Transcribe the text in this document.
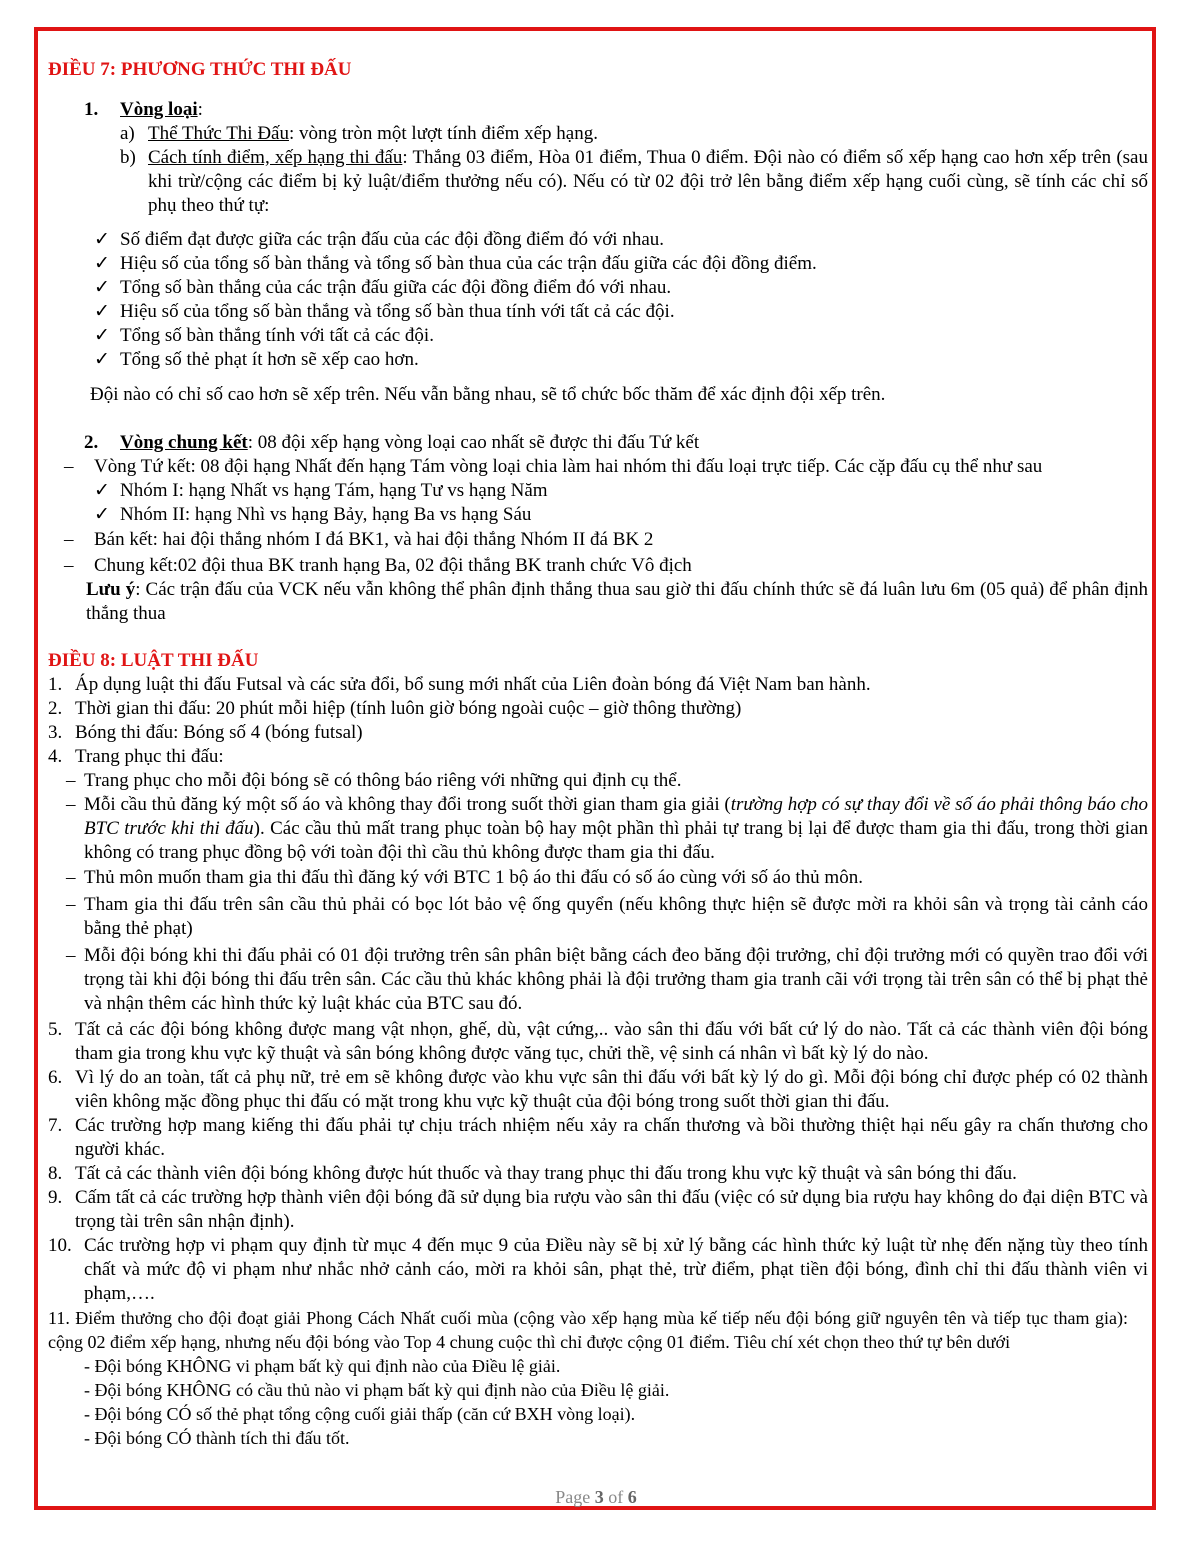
ĐIỀU 7: PHƯƠNG THỨC THI ĐẤU
1.	Vòng loại:
a) Thể Thức Thi Đấu: vòng tròn một lượt tính điểm xếp hạng.
b) Cách tính điểm, xếp hạng thi đấu: Thắng 03 điểm, Hòa 01 điểm, Thua 0 điểm. Đội nào có điểm số xếp hạng cao hơn xếp trên (sau khi trừ/cộng các điểm bị kỷ luật/điểm thưởng nếu có). Nếu có từ 02 đội trở lên bằng điểm xếp hạng cuối cùng, sẽ tính các chỉ số phụ theo thứ tự:
✓ Số điểm đạt được giữa các trận đấu của các đội đồng điểm đó với nhau.
✓ Hiệu số của tổng số bàn thắng và tổng số bàn thua của các trận đấu giữa các đội đồng điểm.
✓ Tổng số bàn thắng của các trận đấu giữa các đội đồng điểm đó với nhau.
✓ Hiệu số của tổng số bàn thắng và tổng số bàn thua tính với tất cả các đội.
✓ Tổng số bàn thắng tính với tất cả các đội.
✓ Tổng số thẻ phạt ít hơn sẽ xếp cao hơn.
Đội nào có chỉ số cao hơn sẽ xếp trên. Nếu vẫn bằng nhau, sẽ tổ chức bốc thăm để xác định đội xếp trên.
2.	Vòng chung kết: 08 đội xếp hạng vòng loại cao nhất sẽ được thi đấu Tứ kết
–	Vòng Tứ kết: 08 đội hạng Nhất đến hạng Tám vòng loại chia làm hai nhóm thi đấu loại trực tiếp. Các cặp đấu cụ thể như sau
✓ Nhóm I: hạng Nhất vs hạng Tám, hạng Tư vs hạng Năm
✓ Nhóm II: hạng Nhì vs hạng Bảy, hạng Ba vs hạng Sáu
–	Bán kết: hai đội thắng nhóm I đá BK1, và hai đội thắng Nhóm II đá BK 2
–	Chung kết:02 đội thua BK tranh hạng Ba, 02 đội thắng BK tranh chức Vô địch
Lưu ý: Các trận đấu của VCK nếu vẫn không thể phân định thắng thua sau giờ thi đấu chính thức sẽ đá luân lưu 6m (05 quả) để phân định thắng thua
ĐIỀU 8: LUẬT THI ĐẤU
1. Áp dụng luật thi đấu Futsal và các sửa đổi, bổ sung mới nhất của Liên đoàn bóng đá Việt Nam ban hành.
2. Thời gian thi đấu: 20 phút mỗi hiệp (tính luôn giờ bóng ngoài cuộc – giờ thông thường)
3. Bóng thi đấu: Bóng số 4 (bóng futsal)
4. Trang phục thi đấu:
– Trang phục cho mỗi đội bóng sẽ có thông báo riêng với những qui định cụ thể.
– Mỗi cầu thủ đăng ký một số áo và không thay đổi trong suốt thời gian tham gia giải (trường hợp có sự thay đổi về số áo phải thông báo cho BTC trước khi thi đấu). Các cầu thủ mất trang phục toàn bộ hay một phần thì phải tự trang bị lại để được tham gia thi đấu, trong thời gian không có trang phục đồng bộ với toàn đội thì cầu thủ không được tham gia thi đấu.
– Thủ môn muốn tham gia thi đấu thì đăng ký với BTC 1 bộ áo thi đấu có số áo cùng với số áo thủ môn.
– Tham gia thi đấu trên sân cầu thủ phải có bọc lót bảo vệ ống quyển (nếu không thực hiện sẽ được mời ra khỏi sân và trọng tài cảnh cáo bằng thẻ phạt)
– Mỗi đội bóng khi thi đấu phải có 01 đội trưởng trên sân phân biệt bằng cách đeo băng đội trưởng, chỉ đội trưởng mới có quyền trao đổi với trọng tài khi đội bóng thi đấu trên sân. Các cầu thủ khác không phải là đội trưởng tham gia tranh cãi với trọng tài trên sân có thể bị phạt thẻ và nhận thêm các hình thức kỷ luật khác của BTC sau đó.
5. Tất cả các đội bóng không được mang vật nhọn, ghế, dù, vật cứng,.. vào sân thi đấu với bất cứ lý do nào. Tất cả các thành viên đội bóng tham gia trong khu vực kỹ thuật và sân bóng không được văng tục, chửi thề, vệ sinh cá nhân vì bất kỳ lý do nào.
6. Vì lý do an toàn, tất cả phụ nữ, trẻ em sẽ không được vào khu vực sân thi đấu với bất kỳ lý do gì. Mỗi đội bóng chỉ được phép có 02 thành viên không mặc đồng phục thi đấu có mặt trong khu vực kỹ thuật của đội bóng trong suốt thời gian thi đấu.
7. Các trường hợp mang kiếng thi đấu phải tự chịu trách nhiệm nếu xảy ra chấn thương và bồi thường thiệt hại nếu gây ra chấn thương cho người khác.
8. Tất cả các thành viên đội bóng không được hút thuốc và thay trang phục thi đấu trong khu vực kỹ thuật và sân bóng thi đấu.
9. Cấm tất cả các trường hợp thành viên đội bóng đã sử dụng bia rượu vào sân thi đấu (việc có sử dụng bia rượu hay không do đại diện BTC và trọng tài trên sân nhận định).
10. Các trường hợp vi phạm quy định từ mục 4 đến mục 9 của Điều này sẽ bị xử lý bằng các hình thức kỷ luật từ nhẹ đến nặng tùy theo tính chất và mức độ vi phạm như nhắc nhở cảnh cáo, mời ra khỏi sân, phạt thẻ, trừ điểm, phạt tiền đội bóng, đình chỉ thi đấu thành viên vi phạm,….
11. Điểm thưởng cho đội đoạt giải Phong Cách Nhất cuối mùa (cộng vào xếp hạng mùa kế tiếp nếu đội bóng giữ nguyên tên và tiếp tục tham gia): cộng 02 điểm xếp hạng, nhưng nếu đội bóng vào Top 4 chung cuộc thì chỉ được cộng 01 điểm. Tiêu chí xét chọn theo thứ tự bên dưới
- Đội bóng KHÔNG vi phạm bất kỳ qui định nào của Điều lệ giải.
- Đội bóng KHÔNG có cầu thủ nào vi phạm bất kỳ qui định nào của Điều lệ giải.
- Đội bóng CÓ số thẻ phạt tổng cộng cuối giải thấp (căn cứ BXH vòng loại).
- Đội bóng CÓ thành tích thi đấu tốt.
Page 3 of 6
